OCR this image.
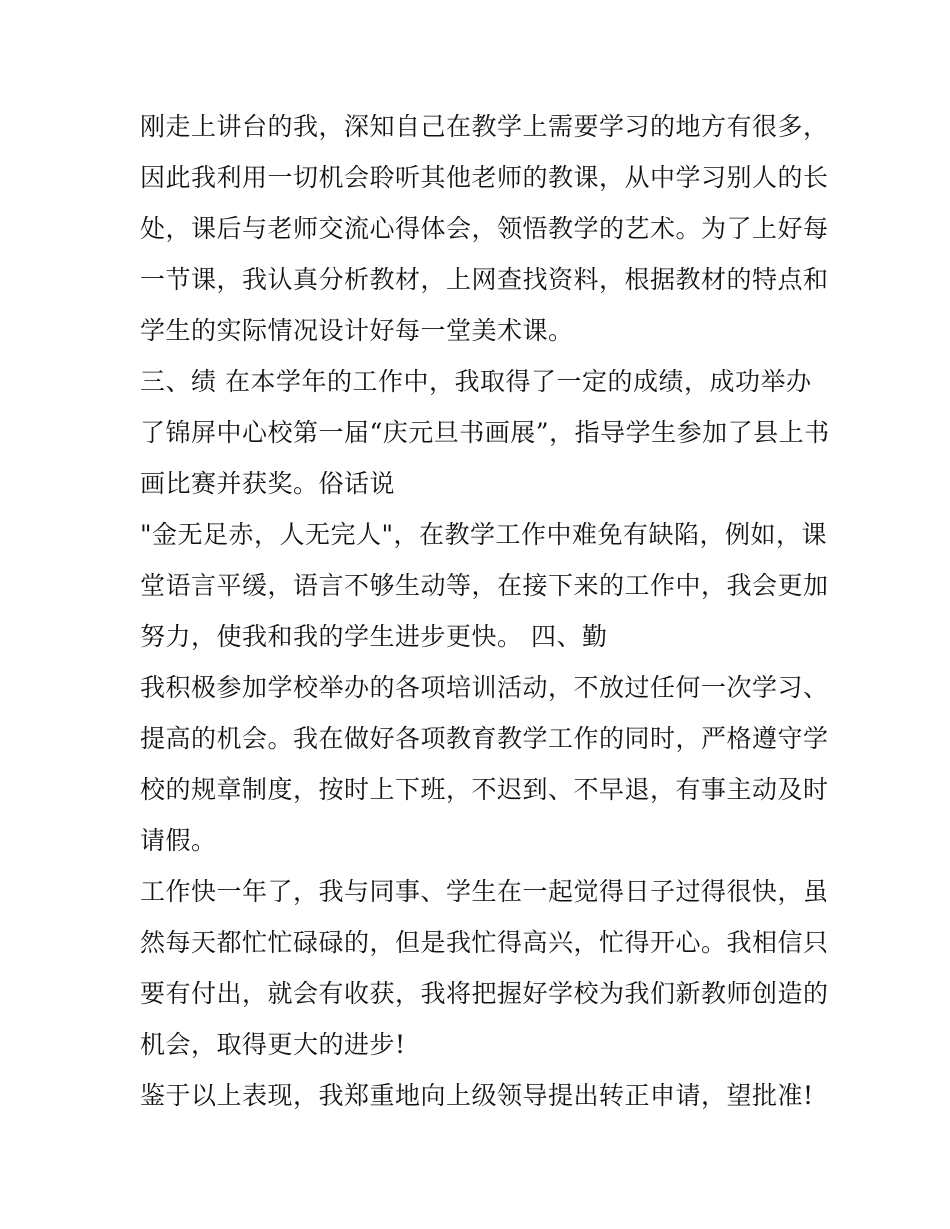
刚走上讲台的我，深知自己在教学上需要学习的地方有很多，
因此我利用一切机会聆听其他老师的教课，从中学习别人的长
处，课后与老师交流心得体会，领悟教学的艺术。为了上好每
一节课，我认真分析教材，上网查找资料，根据教材的特点和
学生的实际情况设计好每一堂美术课。
三、绩 在本学年的工作中，我取得了一定的成绩，成功举办
了锦屏中心校第一届“庆元旦书画展”，指导学生参加了县上书
画比赛并获奖。俗话说
"金无足赤，人无完人"，在教学工作中难免有缺陷，例如，课
堂语言平缓，语言不够生动等，在接下来的工作中，我会更加
努力，使我和我的学生进步更快。 四、勤
我积极参加学校举办的各项培训活动，不放过任何一次学习、
提高的机会。我在做好各项教育教学工作的同时，严格遵守学
校的规章制度，按时上下班，不迟到、不早退，有事主动及时
请假。
工作快一年了，我与同事、学生在一起觉得日子过得很快，虽
然每天都忙忙碌碌的，但是我忙得高兴，忙得开心。我相信只
要有付出，就会有收获，我将把握好学校为我们新教师创造的
机会，取得更大的进步!
鉴于以上表现，我郑重地向上级领导提出转正申请，望批准!
